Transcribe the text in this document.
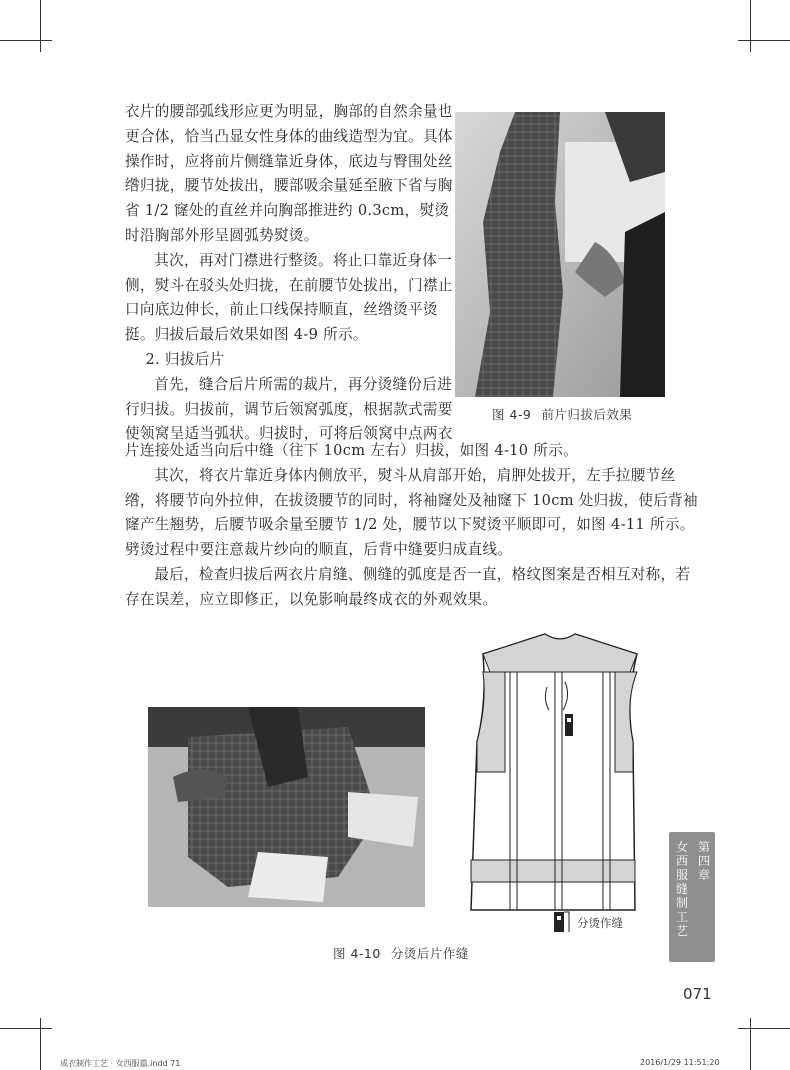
衣片的腰部弧线形应更为明显，胸部的自然余量也更合体，恰当凸显女性身体的曲线造型为宜。具体操作时，应将前片侧缝靠近身体，底边与臀围处丝绺归拢，腰节处拔出，腰部吸余量延至腋下省与胸省 1/2 窿处的直丝并向胸部推进约 0.3cm，熨烫时沿胸部外形呈圆弧势熨烫。

其次，再对门襟进行整烫。将止口靠近身体一侧，熨斗在驳头处归拢，在前腰节处拔出，门襟止口向底边伸长，前止口线保持顺直，丝绺烫平烫挺。归拔后最后效果如图 4-9 所示。

2. 归拔后片

首先，缝合后片所需的裁片，再分烫缝份后进行归拔。归拔前，调节后领窝弧度，根据款式需要使领窝呈适当弧状。归拔时，可将后领窝中点两衣

片连接处适当向后中缝（往下 10cm 左右）归拔，如图 4-10 所示。

其次，将衣片靠近身体内侧放平，熨斗从肩部开始，肩胛处拔开，左手拉腰节丝绺，将腰节向外拉伸，在拔烫腰节的同时，将袖窿处及袖窿下 10cm 处归拔，使后背袖窿产生翘势，后腰节吸余量至腰节 1/2 处，腰节以下熨烫平顺即可，如图 4-11 所示。劈烫过程中要注意裁片纱向的顺直，后背中缝要归成直线。

最后，检查归拔后两衣片肩缝、侧缝的弧度是否一直，格纹图案是否相互对称，若存在误差，应立即修正，以免影响最终成衣的外观效果。

图 4-9 前片归拔后效果
分烫作缝
图 4-10 分烫后片作缝
第四章
女西服缝制工艺
071
成衣制作工艺 · 女西服篇.indd 71	2016/1/29 11:51:20
